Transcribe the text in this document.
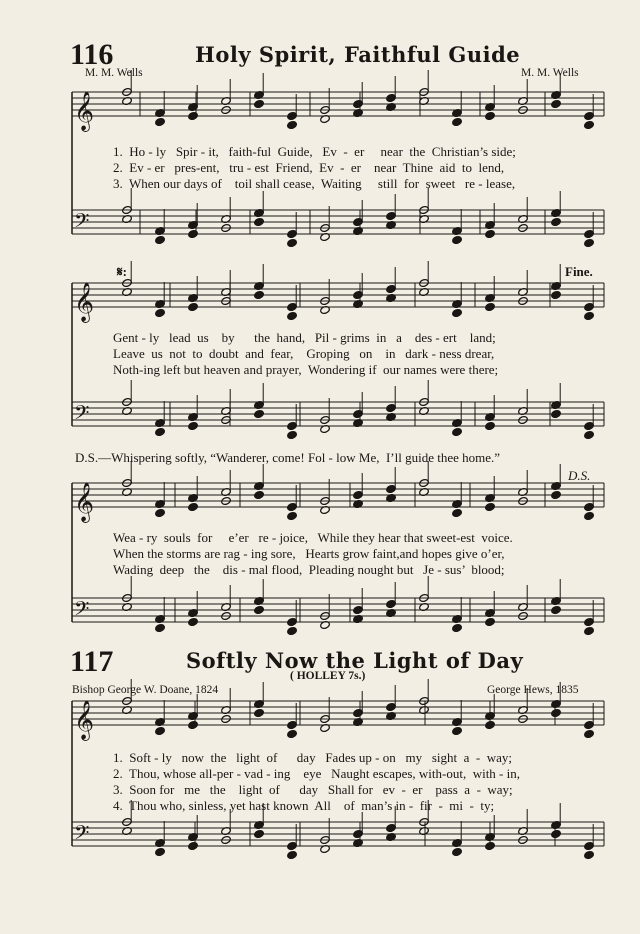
116	Holy Spirit, Faithful Guide
M. M. Wells	M. M. Wells
𝄞
𝄢
𝄞
𝄢
𝄞
𝄢
𝄞
𝄢
1.  Ho - ly   Spir - it,   faith-ful  Guide,   Ev  -  er     near  the  Christian’s side;
2.  Ev - er   pres-ent,   tru - est  Friend,  Ev  -  er    near  Thine  aid  to  lend,
3.  When our days of    toil shall cease,  Waiting     still  for  sweet   re - lease,
𝄋:	Fine.
Gent - ly   lead  us    by      the  hand,   Pil - grims  in   a    des - ert    land;
Leave  us  not  to  doubt  and  fear,    Groping   on    in   dark - ness drear,
Noth-ing left but heaven and prayer,  Wondering if  our names were there;
D.S.—Whispering softly, “Wanderer, come! Fol - low Me,  I’ll guide thee home.”
D.S.
Wea - ry  souls  for     e’er   re - joice,   While they hear that sweet-est  voice.
When the storms are rag - ing sore,   Hearts grow faint,and hopes give o’er,
Wading  deep   the    dis - mal flood,  Pleading nought but   Je - sus’  blood;
117	Softly Now the Light of Day
( HOLLEY 7s.)
Bishop George W. Doane, 1824	George Hews, 1835
1.  Soft - ly   now  the   light  of      day   Fades up - on   my   sight  a  -  way;
2.  Thou, whose all-per - vad - ing    eye   Naught escapes, with-out,  with - in,
3.  Soon for   me   the    light  of      day   Shall for   ev  -  er    pass  a  -  way;
4.  Thou who, sinless, yet hast known  All    of  man’s in -  fir  -  mi  -  ty;
